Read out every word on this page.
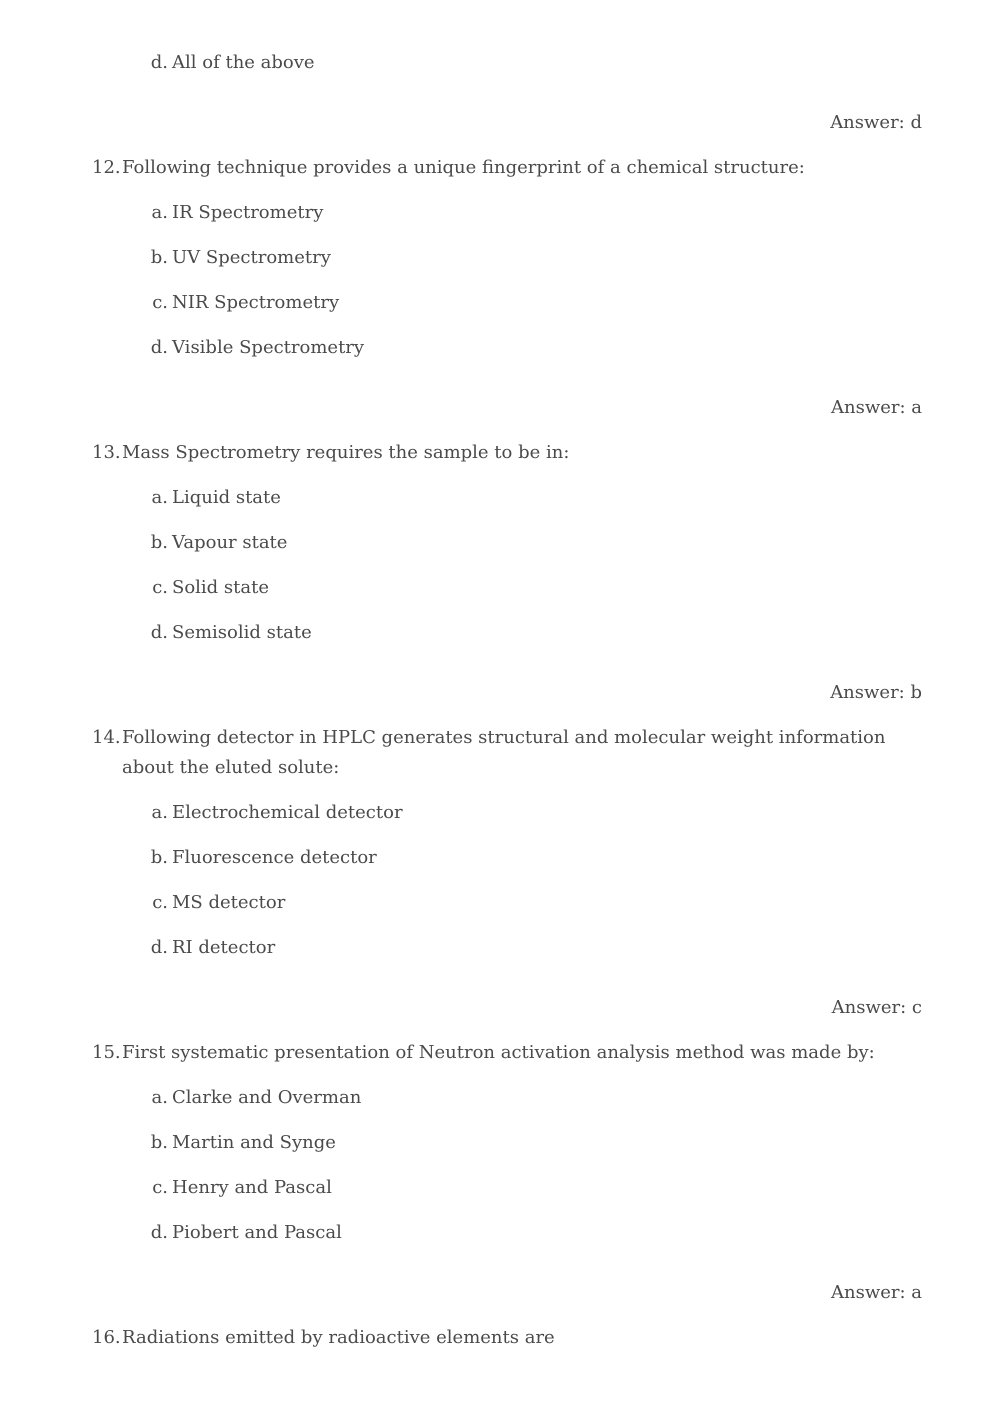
d. All of the above
Answer: d
12. Following technique provides a unique fingerprint of a chemical structure:
a. IR Spectrometry
b. UV Spectrometry
c. NIR Spectrometry
d. Visible Spectrometry
Answer: a
13. Mass Spectrometry requires the sample to be in:
a. Liquid state
b. Vapour state
c. Solid state
d. Semisolid state
Answer: b
14. Following detector in HPLC generates structural and molecular weight information about the eluted solute:
a. Electrochemical detector
b. Fluorescence detector
c. MS detector
d. RI detector
Answer: c
15. First systematic presentation of Neutron activation analysis method was made by:
a. Clarke and Overman
b. Martin and Synge
c. Henry and Pascal
d. Piobert and Pascal
Answer: a
16. Radiations emitted by radioactive elements are
